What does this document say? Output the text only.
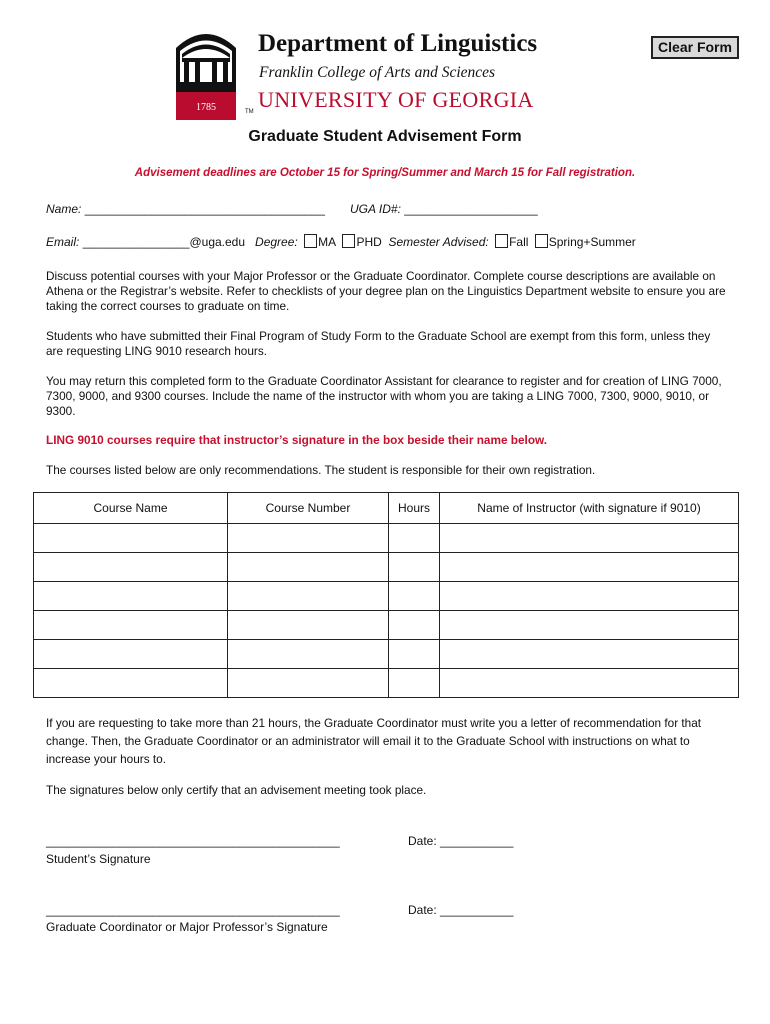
1785	TM
Department of Linguistics
Franklin College of Arts and Sciences
UNIVERSITY OF GEORGIA
Clear Form
Graduate Student Advisement Form
Advisement deadlines are October 15 for Spring/Summer and March 15 for Fall registration.
Name: ____________________________________ UGA ID#: ____________________
Email: ________________@uga.edu Degree: MA PHD Semester Advised: Fall Spring+Summer
Discuss potential courses with your Major Professor or the Graduate Coordinator. Complete course descriptions are available on Athena or the Registrar’s website. Refer to checklists of your degree plan on the Linguistics Department website to ensure you are taking the correct courses to graduate on time.
Students who have submitted their Final Program of Study Form to the Graduate School are exempt from this form, unless they are requesting LING 9010 research hours.
You may return this completed form to the Graduate Coordinator Assistant for clearance to register and for creation of LING 7000, 7300, 9000, and 9300 courses. Include the name of the instructor with whom you are taking a LING 7000, 7300, 9000, 9010, or 9300.
LING 9010 courses require that instructor’s signature in the box beside their name below.
The courses listed below are only recommendations. The student is responsible for their own registration.
Course Name	Course Number	Hours	Name of Instructor (with signature if 9010)

If you are requesting to take more than 21 hours, the Graduate Coordinator must write you a letter of recommendation for that change. Then, the Graduate Coordinator or an administrator will email it to the Graduate School with instructions on what to increase your hours to.
The signatures below only certify that an advisement meeting took place.
____________________________________________	Date: ___________
Student’s Signature
____________________________________________	Date: ___________
Graduate Coordinator or Major Professor’s Signature
